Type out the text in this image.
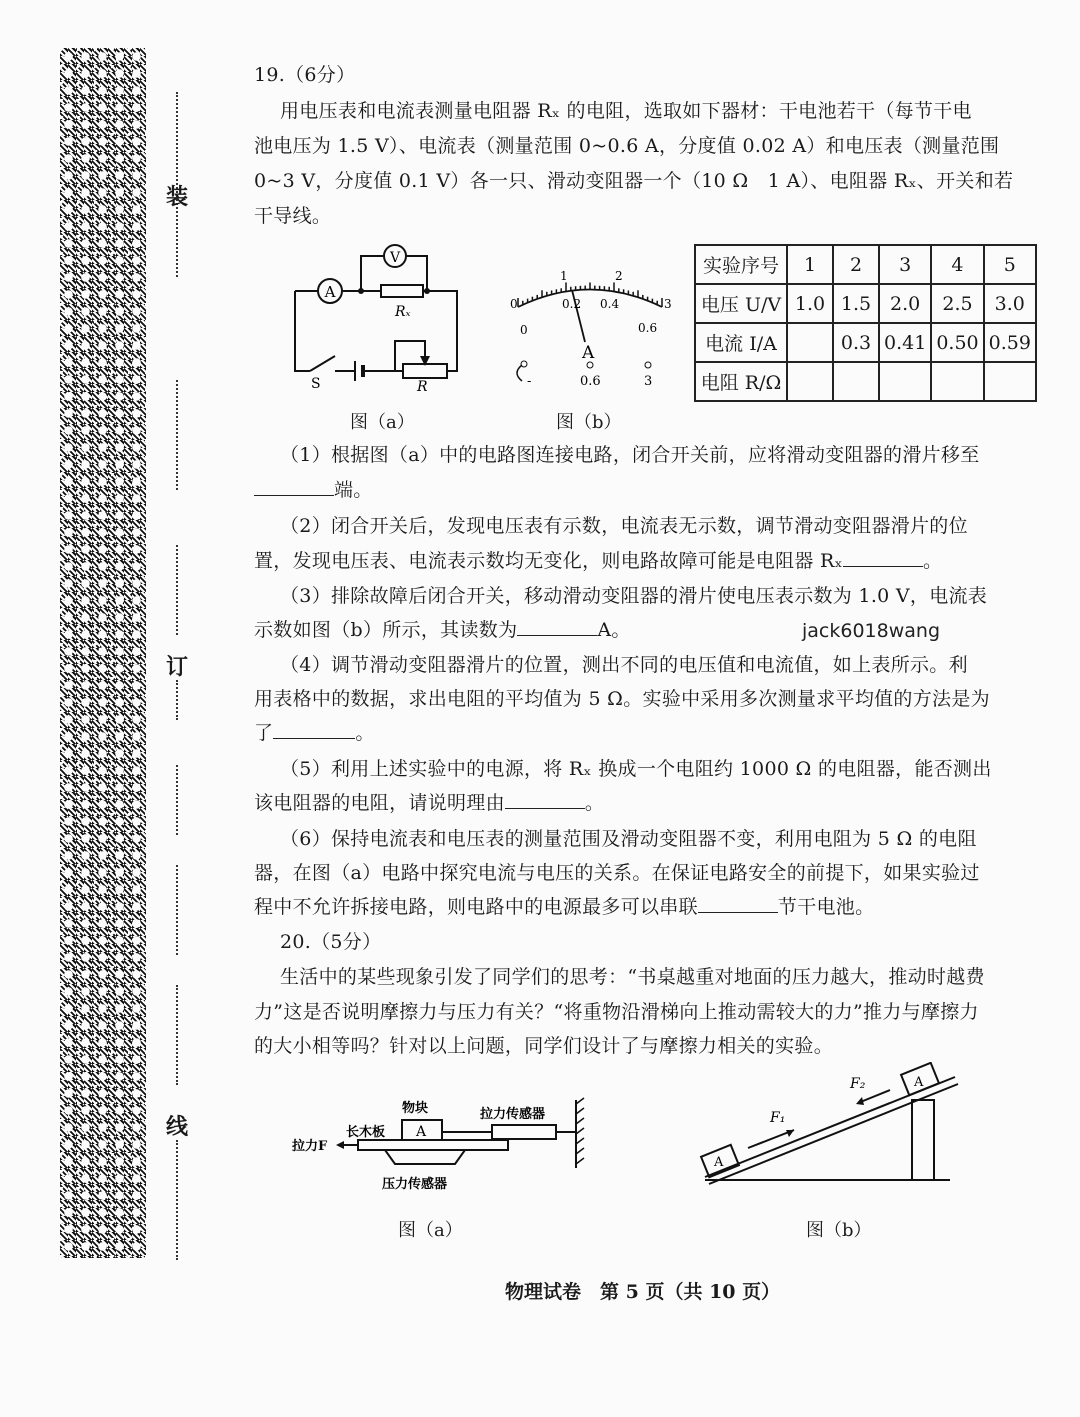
装
订
线
19.（6分）
用电压表和电流表测量电阻器 Rₓ 的电阻，选取如下器材：干电池若干（每节干电
池电压为 1.5 V）、电流表（测量范围 0~0.6 A，分度值 0.02 A）和电压表（测量范围
0~3 V，分度值 0.1 V）各一只、滑动变阻器一个（10 Ω　1 A）、电阻器 Rₓ、开关和若
干导线。
A
V
Rₓ
S	R
图（a）
0
1	2
3
0
0.2 0.4
0.6
A
-	0.6	3
图（b）
实验序号	1	2	3	4	5
电压 U/V	1.0	1.5	2.0	2.5	3.0
电流 I/A		0.3	0.41	0.50	0.59
电阻 R/Ω					
（1）根据图（a）中的电路图连接电路，闭合开关前，应将滑动变阻器的滑片移至
端。
（2）闭合开关后，发现电压表有示数，电流表无示数，调节滑动变阻器滑片的位
置，发现电压表、电流表示数均无变化，则电路故障可能是电阻器 Rₓ	。
（3）排除故障后闭合开关，移动滑动变阻器的滑片使电压表示数为 1.0 V，电流表
示数如图（b）所示，其读数为	A。	jack6018wang
（4）调节滑动变阻器滑片的位置，测出不同的电压值和电流值，如上表所示。利
用表格中的数据，求出电阻的平均值为 5 Ω。实验中采用多次测量求平均值的方法是为
了	。
（5）利用上述实验中的电源，将 Rₓ 换成一个电阻约 1000 Ω 的电阻器，能否测出
该电阻器的电阻，请说明理由	。
（6）保持电流表和电压表的测量范围及滑动变阻器不变，利用电阻为 5 Ω 的电阻
器，在图（a）电路中探究电流与电压的关系。在保证电路安全的前提下，如果实验过
程中不允许拆接电路，则电路中的电源最多可以串联	节干电池。
20.（5分）
生活中的某些现象引发了同学们的思考：“书桌越重对地面的压力越大，推动时越费
力”这是否说明摩擦力与压力有关？“将重物沿滑梯向上推动需较大的力”推力与摩擦力
的大小相等吗？针对以上问题，同学们设计了与摩擦力相关的实验。
A
物块
长木板
拉力传感器
拉力F
压力传感器
图（a）
A
A
F₁
F₂
图（b）
物理试卷　第 5 页（共 10 页）
